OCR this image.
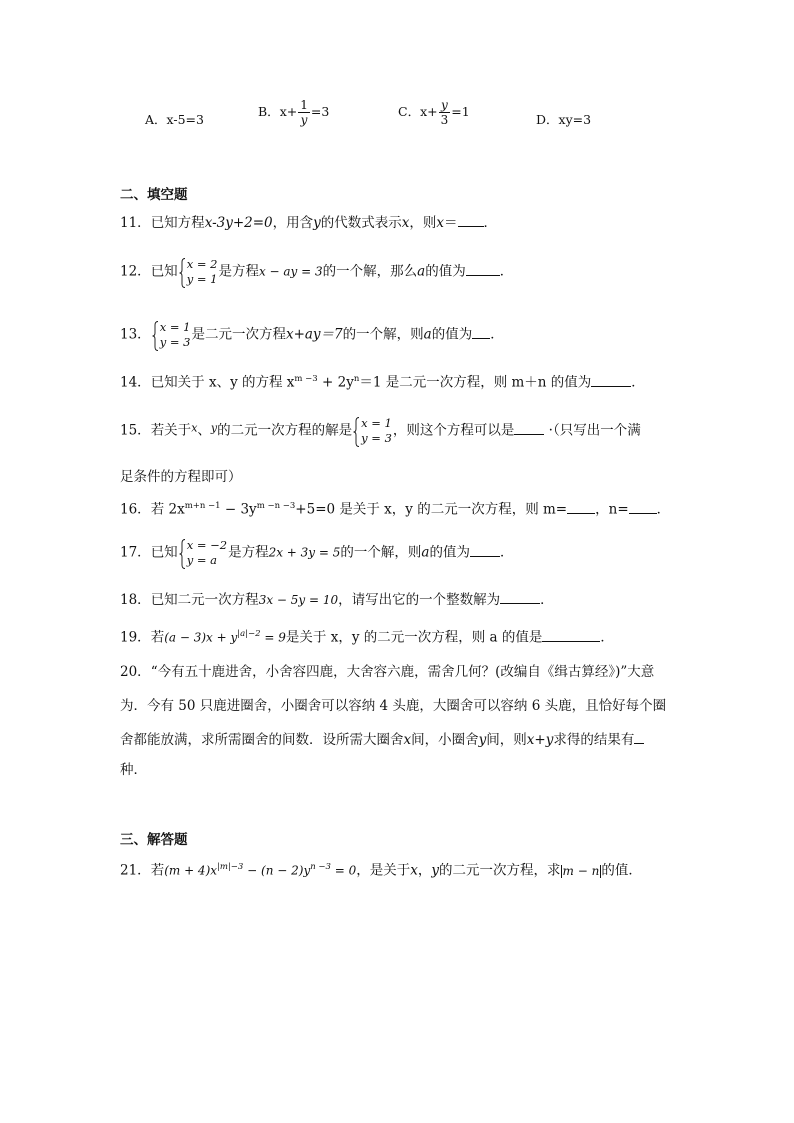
A．x-5=3
B．$x+ \frac{1}{y} =3$	C．$x+ \frac{y}{3} =1$
D．xy=3
二、填空题
11．已知方程x-3y+2=0，用含y的代数式表示x，则x＝ ．
12．已知 x = 2
y = 1 是方程x − ay = 3的一个解，那么a的值为	．
13． x = 1
y = 3 是二元一次方程x+ay＝7的一个解，则a的值为 ．
14．已知关于 x、y 的方程 $x^{m -3} + 2y^n=1$ 是二元一次方程，则 m＋n 的值为	．
15．若关于$^x$、$^y$的二元一次方程的解是 x = 1
y = 3 ，则这个方程可以是 ·（只写出一个满
足条件的方程即可）
16．若 $2x^{m+n -1} - 3y^{m -n -3}+5=0$ 是关于 x，y 的二元一次方程，则 m= ，n= ．
17．已知 x = −2
y = a 是方程2x + 3y = 5的一个解，则a的值为 ．
18．已知二元一次方程3x − 5y = 10，请写出它的一个整数解为	．
19．若$(a - 3)x + y^{|a|-2} = 9$是关于 x，y 的二元一次方程，则 a 的值是	．
20．“今有五十鹿进舍，小舍容四鹿，大舍容六鹿，需舍几何？(改编自《缉古算经》)”大意
为．今有 50 只鹿进圈舍，小圈舍可以容纳 4 头鹿，大圈舍可以容纳 6 头鹿，且恰好每个圈
舍都能放满，求所需圈舍的间数．设所需大圈舍x间，小圈舍y间，则x+y求得的结果有
种．
三、解答题
21．若$(m + 4)x^{|m|-3} - (n - 2)y^{n -3} = 0$，是关于x，y的二元一次方程，求 m − n 的值．
